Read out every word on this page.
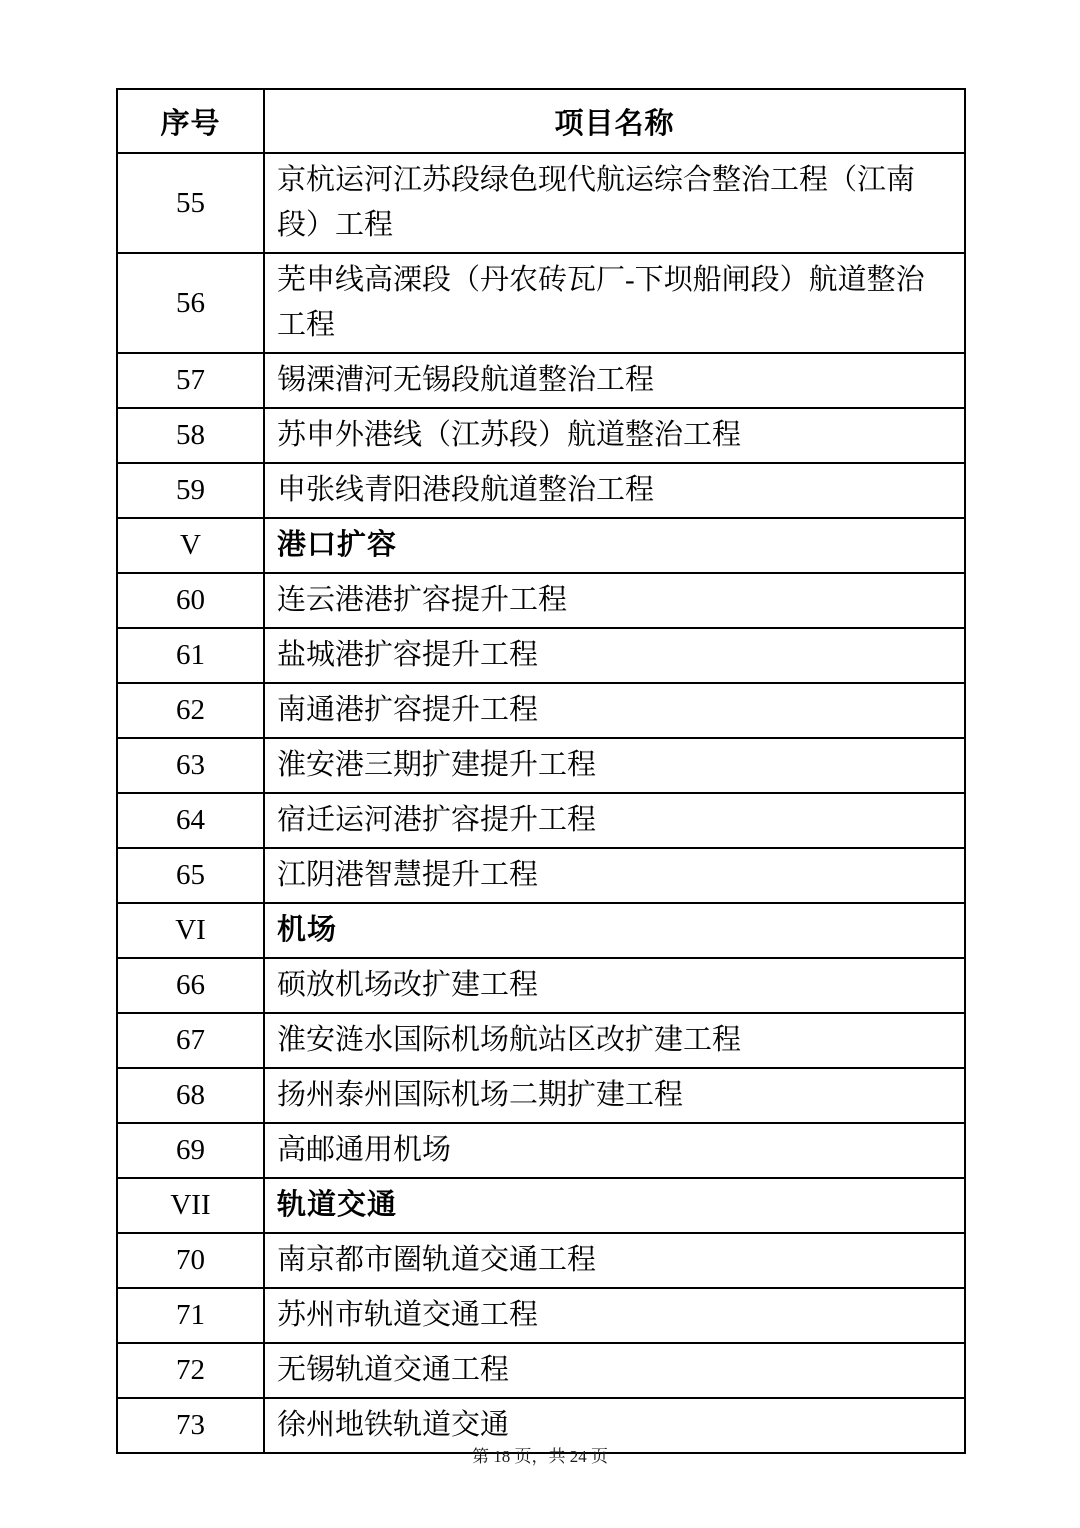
序号	项目名称
55	京杭运河江苏段绿色现代航运综合整治工程（江南段）工程
56	芜申线高溧段（丹农砖瓦厂-下坝船闸段）航道整治工程
57	锡溧漕河无锡段航道整治工程
58	苏申外港线（江苏段）航道整治工程
59	申张线青阳港段航道整治工程
V	港口扩容
60	连云港港扩容提升工程
61	盐城港扩容提升工程
62	南通港扩容提升工程
63	淮安港三期扩建提升工程
64	宿迁运河港扩容提升工程
65	江阴港智慧提升工程
VI	机场
66	硕放机场改扩建工程
67	淮安涟水国际机场航站区改扩建工程
68	扬州泰州国际机场二期扩建工程
69	高邮通用机场
VII	轨道交通
70	南京都市圈轨道交通工程
71	苏州市轨道交通工程
72	无锡轨道交通工程
73	徐州地铁轨道交通
第 18 页，共 24 页
